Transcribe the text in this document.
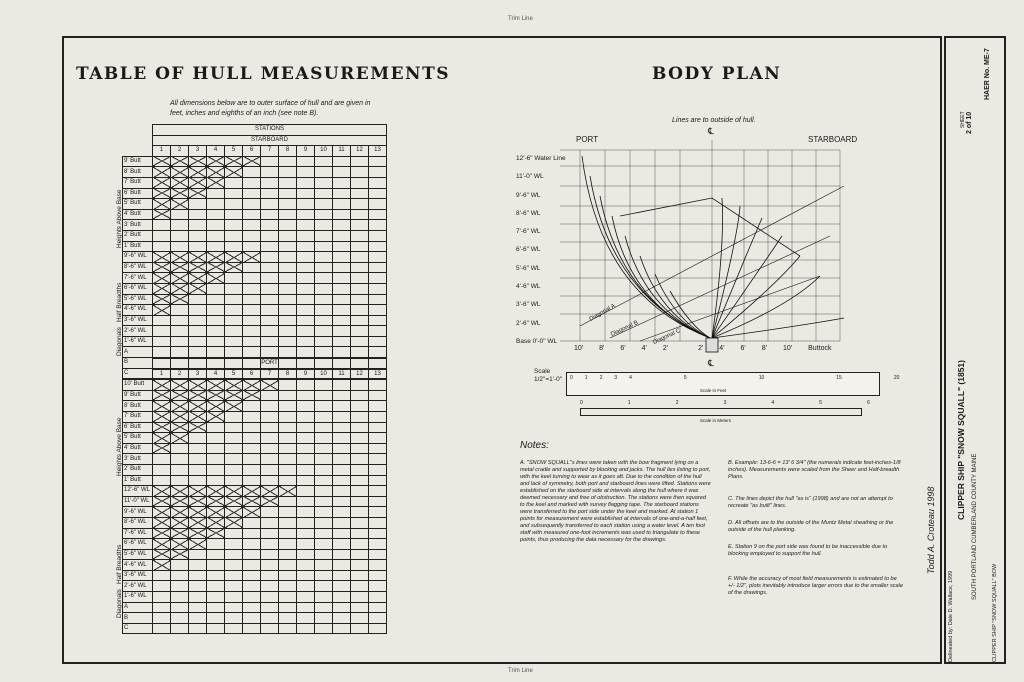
Trim Line
Trim Line
TABLE OF HULL MEASUREMENTS
All dimensions below are to outer surface of hull and are given in
feet, inches and eighths of an inch (see note B).
Heights Above Base
Half Breadths
Diagonals
Heights Above Base
Half Breadths
Diagonals
	STATIONS												
	STARBOARD												
	1	2	3	4	5	6	7	8	9	10	11	12	13
9' Butt													
8' Butt													
7' Butt													
6' Butt													
5' Butt													
4' Butt													
3' Butt													
2' Butt													
1' Butt													
9'-6" WL													
8'-6" WL													
7'-6" WL													
6'-6" WL													
5'-6" WL													
4'-6" WL													
3'-6" WL													
2'-6" WL													
1'-6" WL													
A													
B													
C													
	PORT												
	1	2	3	4	5	6	7	8	9	10	11	12	13
10' Butt													
9' Butt													
8' Butt													
7' Butt													
6' Butt													
5' Butt													
4' Butt													
3' Butt													
2' Butt													
1' Butt													
12'-6" WL													
11'-0" WL													
9'-6" WL													
8'-6" WL													
7'-6" WL													
6'-6" WL													
5'-6" WL													
4'-6" WL													
3'-6" WL													
2'-6" WL													
1'-6" WL													
A													
B													
C													
BODY PLAN
Lines are to outside of hull.
℄
℄
PORT	STARBOARD
12'-6" Water Line
11'-0" WL
9'-6" WL
8'-6" WL
7'-6" WL
6'-6" WL
5'-6" WL
4'-6" WL
3'-6" WL
2'-6" WL
Base 0'-0" WL
10' 8' 6' 4' 2'	2' 4' 6' 8' 10' Buttock
Diagonal A
Diagonal B Diagonal C
Scale 1/2"=1'-0"	0 1 2 3 4	5	10	15	20
Scale in Feet
0	1	2	3	4	5	6
Scale in Meters
Notes:
A. "SNOW SQUALL"s lines were taken with the bow fragment lying on a metal cradle and supported by blocking and jacks. The hull lies listing to port, with the keel turning to wear as it goes aft. Due to the condition of the hull and lack of symmetry, both port and starboard lines were lifted. Stations were established on the starboard side at intervals along the hull where it was deemed necessary and free of obstruction. The stations were then squared to the keel and marked with survey flagging tape. The starboard stations were transferred to the port side under the keel and marked. At station 1 points for measurement were established at intervals of one-and-a-half feet, and subsequently transferred to each station using a water level. A ten foot staff with measured one-foot increments was used to triangulate to these points, thus producing the data necessary for the drawings.
B. Example: 13-6-6 = 13' 6 3/4" (the numerals indicate feet-inches-1/8 inches). Measurements were scaled from the Sheer and Half-breadth Plans.
C. The lines depict the hull "as is" (1998) and are not an attempt to recreate "as built" lines.
D. All offsets are to the outside of the Muntz Metal sheathing or the outside of the hull planking.
E. Station 9 on the port side was found to be inaccessible due to blocking employed to support the hull.
F. While the accuracy of most field measurements is estimated to be +/- 1/2", plots inevitably introduce larger errors due to the smaller scale of the drawings.
Todd A. Croteau 1998
CLIPPER SHIP "SNOW SQUALL" (1851)
SOUTH PORTLAND CUMBERLAND COUNTY MAINE
SHEET 2 of 10
HAER No. ME-7
Delineated by: Dale D. Wallace, 1999	CLIPPER SHIP "SNOW SQUALL" BOW
